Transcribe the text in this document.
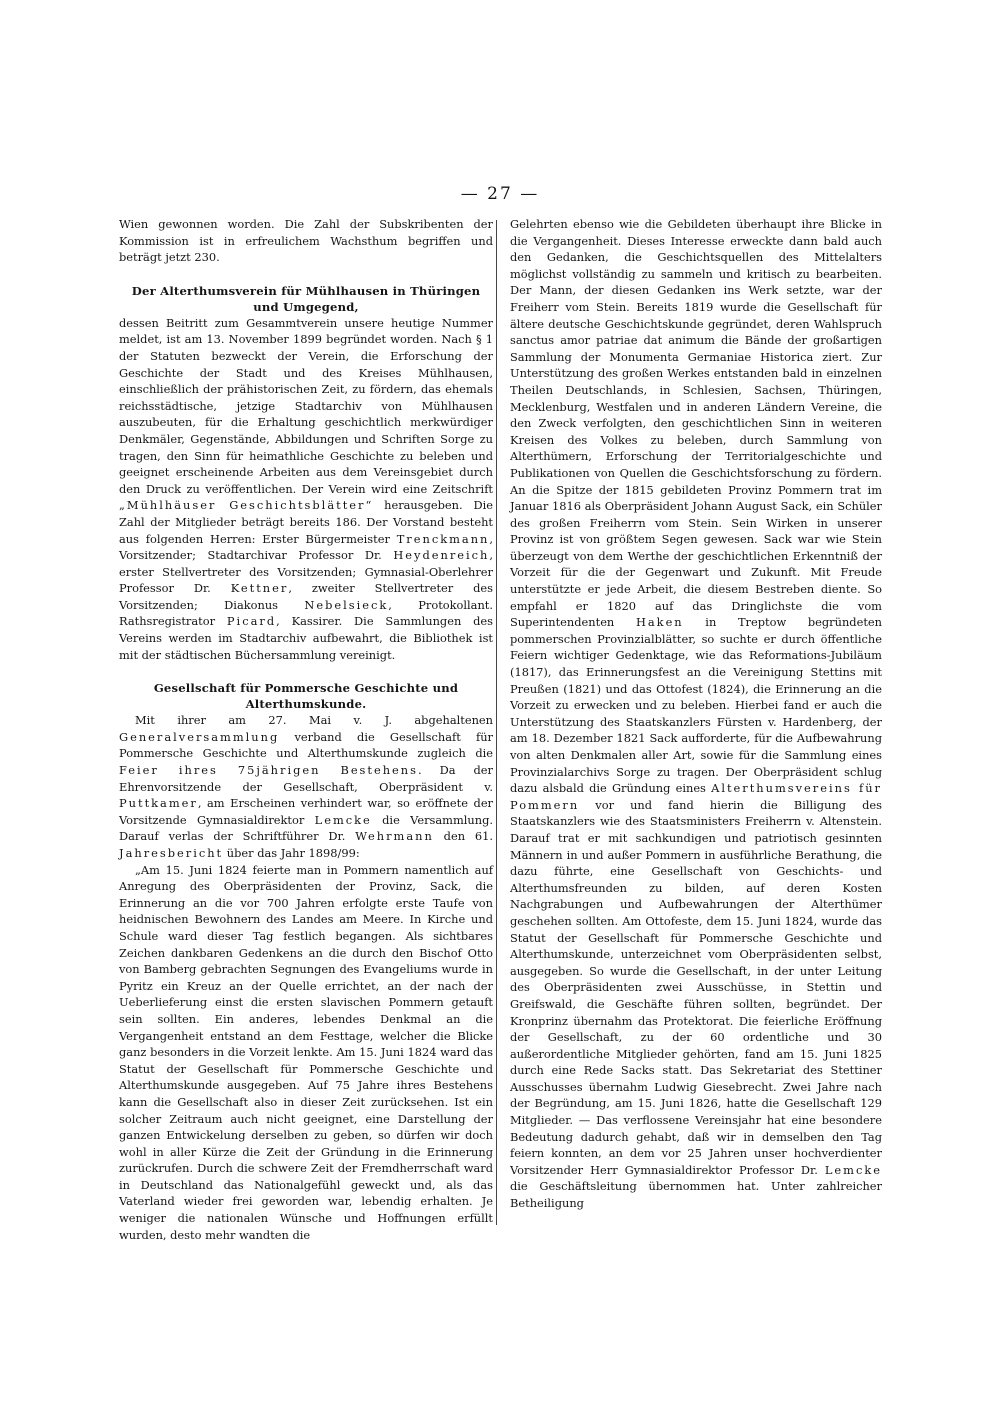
— 27 —

Wien gewonnen worden. Die Zahl der Subskribenten der Kommission ist in erfreulichem Wachsthum begriffen und beträgt jetzt 230.

Der Alterthumsverein für Mühlhausen in Thüringen und Umgegend,

dessen Beitritt zum Gesammtverein unsere heutige Nummer meldet, ist am 13. November 1899 begründet worden. Nach § 1 der Statuten bezweckt der Verein, die Erforschung der Geschichte der Stadt und des Kreises Mühlhausen, einschließlich der prähistorischen Zeit, zu fördern, das ehemals reichsstädtische, jetzige Stadtarchiv von Mühlhausen auszubeuten, für die Erhaltung geschichtlich merkwürdiger Denkmäler, Gegenstände, Abbildungen und Schriften Sorge zu tragen, den Sinn für heimathliche Geschichte zu beleben und geeignet erscheinende Arbeiten aus dem Vereinsgebiet durch den Druck zu veröffentlichen. Der Verein wird eine Zeitschrift „Mühlhäuser Geschichtsblätter“ herausgeben. Die Zahl der Mitglieder beträgt bereits 186. Der Vorstand besteht aus folgenden Herren: Erster Bürgermeister Trenckmann, Vorsitzender; Stadtarchivar Professor Dr. Heydenreich, erster Stellvertreter des Vorsitzenden; Gymnasial-Oberlehrer Professor Dr. Kettner, zweiter Stellvertreter des Vorsitzenden; Diakonus Nebelsieck, Protokollant. Rathsregistrator Picard, Kassirer. Die Sammlungen des Vereins werden im Stadtarchiv aufbewahrt, die Bibliothek ist mit der städtischen Büchersammlung vereinigt.

Gesellschaft für Pommersche Geschichte und Alterthumskunde.

Mit ihrer am 27. Mai v. J. abgehaltenen Generalversammlung verband die Gesellschaft für Pommersche Geschichte und Alterthumskunde zugleich die Feier ihres 75jährigen Bestehens. Da der Ehrenvorsitzende der Gesellschaft, Oberpräsident v. Puttkamer, am Erscheinen verhindert war, so eröffnete der Vorsitzende Gymnasialdirektor Lemcke die Versammlung. Darauf verlas der Schriftführer Dr. Wehrmann den 61. Jahresbericht über das Jahr 1898/99:

„Am 15. Juni 1824 feierte man in Pommern namentlich auf Anregung des Oberpräsidenten der Provinz, Sack, die Erinnerung an die vor 700 Jahren erfolgte erste Taufe von heidnischen Bewohnern des Landes am Meere. In Kirche und Schule ward dieser Tag festlich begangen. Als sichtbares Zeichen dankbaren Gedenkens an die durch den Bischof Otto von Bamberg gebrachten Segnungen des Evangeliums wurde in Pyritz ein Kreuz an der Quelle errichtet, an der nach der Ueberlieferung einst die ersten slavischen Pommern getauft sein sollten. Ein anderes, lebendes Denkmal an die Vergangenheit entstand an dem Festtage, welcher die Blicke ganz besonders in die Vorzeit lenkte. Am 15. Juni 1824 ward das Statut der Gesellschaft für Pommersche Geschichte und Alterthumskunde ausgegeben. Auf 75 Jahre ihres Bestehens kann die Gesellschaft also in dieser Zeit zurücksehen. Ist ein solcher Zeitraum auch nicht geeignet, eine Darstellung der ganzen Entwickelung derselben zu geben, so dürfen wir doch wohl in aller Kürze die Zeit der Gründung in die Erinnerung zurückrufen. Durch die schwere Zeit der Fremdherrschaft ward in Deutschland das Nationalgefühl geweckt und, als das Vaterland wieder frei geworden war, lebendig erhalten. Je weniger die nationalen Wünsche und Hoffnungen erfüllt wurden, desto mehr wandten die

Gelehrten ebenso wie die Gebildeten überhaupt ihre Blicke in die Vergangenheit. Dieses Interesse erweckte dann bald auch den Gedanken, die Geschichtsquellen des Mittelalters möglichst vollständig zu sammeln und kritisch zu bearbeiten. Der Mann, der diesen Gedanken ins Werk setzte, war der Freiherr vom Stein. Bereits 1819 wurde die Gesellschaft für ältere deutsche Geschichtskunde gegründet, deren Wahlspruch sanctus amor patriae dat animum die Bände der großartigen Sammlung der Monumenta Germaniae Historica ziert. Zur Unterstützung des großen Werkes entstanden bald in einzelnen Theilen Deutschlands, in Schlesien, Sachsen, Thüringen, Mecklenburg, Westfalen und in anderen Ländern Vereine, die den Zweck verfolgten, den geschichtlichen Sinn in weiteren Kreisen des Volkes zu beleben, durch Sammlung von Alterthümern, Erforschung der Territorialgeschichte und Publikationen von Quellen die Geschichtsforschung zu fördern. An die Spitze der 1815 gebildeten Provinz Pommern trat im Januar 1816 als Oberpräsident Johann August Sack, ein Schüler des großen Freiherrn vom Stein. Sein Wirken in unserer Provinz ist von größtem Segen gewesen. Sack war wie Stein überzeugt von dem Werthe der geschichtlichen Erkenntniß der Vorzeit für die der Gegenwart und Zukunft. Mit Freude unterstützte er jede Arbeit, die diesem Bestreben diente. So empfahl er 1820 auf das Dringlichste die vom Superintendenten Haken in Treptow begründeten pommerschen Provinzialblätter, so suchte er durch öffentliche Feiern wichtiger Gedenktage, wie das Reformations-Jubiläum (1817), das Erinnerungsfest an die Vereinigung Stettins mit Preußen (1821) und das Ottofest (1824), die Erinnerung an die Vorzeit zu erwecken und zu beleben. Hierbei fand er auch die Unterstützung des Staatskanzlers Fürsten v. Hardenberg, der am 18. Dezember 1821 Sack aufforderte, für die Aufbewahrung von alten Denkmalen aller Art, sowie für die Sammlung eines Provinzialarchivs Sorge zu tragen. Der Oberpräsident schlug dazu alsbald die Gründung eines Alterthumsvereins für Pommern vor und fand hierin die Billigung des Staatskanzlers wie des Staatsministers Freiherrn v. Altenstein. Darauf trat er mit sachkundigen und patriotisch gesinnten Männern in und außer Pommern in ausführliche Berathung, die dazu führte, eine Gesellschaft von Geschichts- und Alterthumsfreunden zu bilden, auf deren Kosten Nachgrabungen und Aufbewahrungen der Alterthümer geschehen sollten. Am Ottofeste, dem 15. Juni 1824, wurde das Statut der Gesellschaft für Pommersche Geschichte und Alterthumskunde, unterzeichnet vom Oberpräsidenten selbst, ausgegeben. So wurde die Gesellschaft, in der unter Leitung des Oberpräsidenten zwei Ausschüsse, in Stettin und Greifswald, die Geschäfte führen sollten, begründet. Der Kronprinz übernahm das Protektorat. Die feierliche Eröffnung der Gesellschaft, zu der 60 ordentliche und 30 außerordentliche Mitglieder gehörten, fand am 15. Juni 1825 durch eine Rede Sacks statt. Das Sekretariat des Stettiner Ausschusses übernahm Ludwig Giesebrecht. Zwei Jahre nach der Begründung, am 15. Juni 1826, hatte die Gesellschaft 129 Mitglieder. — Das verflossene Vereinsjahr hat eine besondere Bedeutung dadurch gehabt, daß wir in demselben den Tag feiern konnten, an dem vor 25 Jahren unser hochverdienter Vorsitzender Herr Gymnasialdirektor Professor Dr. Lemcke die Geschäftsleitung übernommen hat. Unter zahlreicher Betheiligung
